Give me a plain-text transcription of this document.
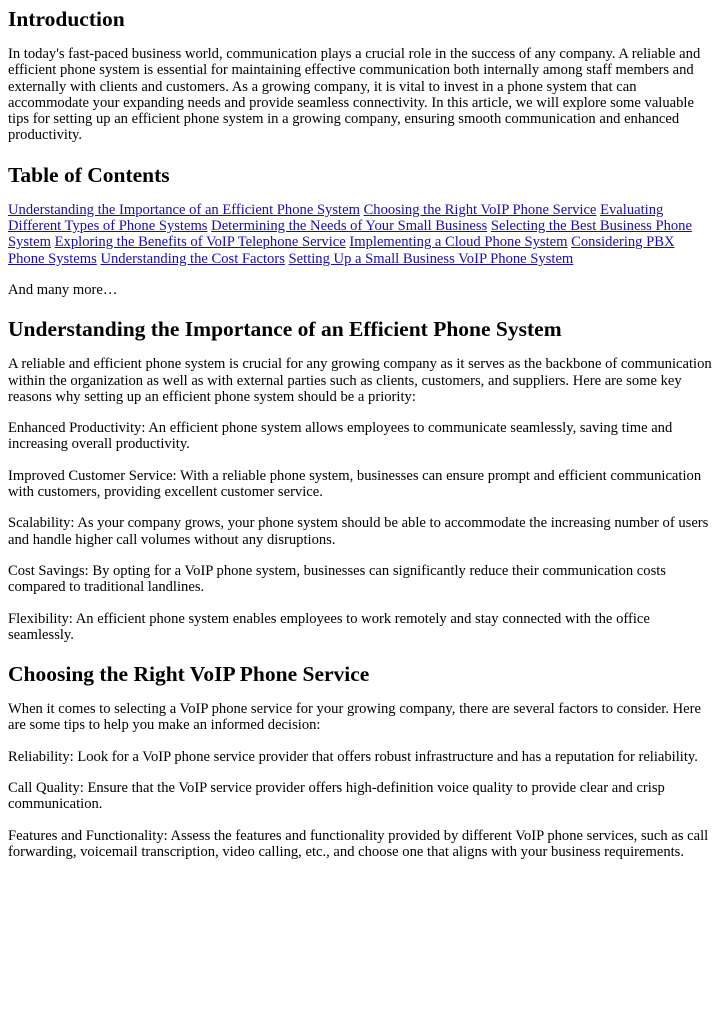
Introduction

In today's fast-paced business world, communication plays a crucial role in the success of any company. A reliable and efficient phone system is essential for maintaining effective communication both internally among staff members and externally with clients and customers. As a growing company, it is vital to invest in a phone system that can accommodate your expanding needs and provide seamless connectivity. In this article, we will explore some valuable tips for setting up an efficient phone system in a growing company, ensuring smooth communication and enhanced productivity.

Table of Contents

Understanding the Importance of an Efficient Phone System Choosing the Right VoIP Phone Service Evaluating Different Types of Phone Systems Determining the Needs of Your Small Business Selecting the Best Business Phone System Exploring the Benefits of VoIP Telephone Service Implementing a Cloud Phone System Considering PBX Phone Systems Understanding the Cost Factors Setting Up a Small Business VoIP Phone System

And many more…

Understanding the Importance of an Efficient Phone System

A reliable and efficient phone system is crucial for any growing company as it serves as the backbone of communication within the organization as well as with external parties such as clients, customers, and suppliers. Here are some key reasons why setting up an efficient phone system should be a priority:

Enhanced Productivity: An efficient phone system allows employees to communicate seamlessly, saving time and increasing overall productivity.

Improved Customer Service: With a reliable phone system, businesses can ensure prompt and efficient communication with customers, providing excellent customer service.

Scalability: As your company grows, your phone system should be able to accommodate the increasing number of users and handle higher call volumes without any disruptions.

Cost Savings: By opting for a VoIP phone system, businesses can significantly reduce their communication costs compared to traditional landlines.

Flexibility: An efficient phone system enables employees to work remotely and stay connected with the office seamlessly.

Choosing the Right VoIP Phone Service

When it comes to selecting a VoIP phone service for your growing company, there are several factors to consider. Here are some tips to help you make an informed decision:

Reliability: Look for a VoIP phone service provider that offers robust infrastructure and has a reputation for reliability.

Call Quality: Ensure that the VoIP service provider offers high-definition voice quality to provide clear and crisp communication.

Features and Functionality: Assess the features and functionality provided by different VoIP phone services, such as call forwarding, voicemail transcription, video calling, etc., and choose one that aligns with your business requirements.
